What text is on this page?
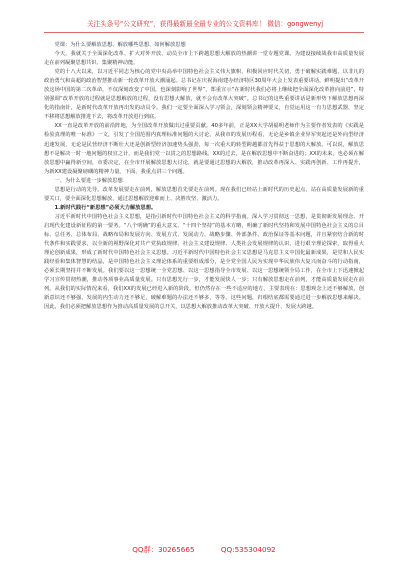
关注头条号“公文研究”，获得最新最全最专业的公文资料库！ 微信：gongwenyj

党课：为什么要解放思想、解放哪些思想、如何解放思想

今天，我就关于全面深化改革、扩大对外开放、动员全市上下跨越思想大解放的热潮讲一堂专题党课。为建设接续战我市高质量发展走在前列凝聚思想共识、集聚精神动能。

党的十八大以来，以习近平同志为核心的党中央高举中国特色社会主义伟大旗帜，积极回应时代关切，勇于破解实践难题，以非凡的政治勇气和高超的政治智慧推动新一轮改革开放大潮涌起。总书记在庆祝海南建办经济特区30周年大会上发表重要讲话，鲜明提出“改革开放这场中国的第二次革命，不仅深刻改变了中国，也深刻影响了世界”，郑重宣示“在新时代我们必将上继续把全面深化改革推向前进”，特别强调“改革开放的过程就是思想解放的过程，没有思想大解放，就不会有改革大突破”。总书记的这些重要讲话是新形势下解放思想再深化的指南针，是新时代改革开放再出发的动员令。我们一定要全面深入学习领会，深刻领会精神要义，自觉运用这一有力思想武器，坚定不移将思想解放推进下去，将改革开放进行到底。

XX一直是改革开放的前沿阵地，为全国改革开放做出过重要贡献。40多年前，正是XX大学胡福明老师作为主要作者发表的《实践是检验真理的唯一标准》一文，引发了全国范围内真理标准问题的大讨论，从我市的发展历程看，无论是乡镇企业异军突起还是外向型经济迅速发展，无论是民营经济不断壮大还是创新型经济加速势头强劲，每一次重大的转型跨越都首先得益于思想的大解放。可以说，解放思想不是解决一时一地问题的权宜之计，而是我们党一以贯之的思想路线。XX的过去，是在解放思想中不断奋进的；XX的未来，也必须在解放思想中赢得新空间，市委决定，在全市开展解放思想大讨论，就是要通过思想的大解放，推动改革再深入、实践再创新、工作再提升，为新XX建设凝聚磅礴的精神力量。下面，我重点讲三个问题。

一、为什么要进一步解放思想

思想是行动的先导。改革发展要走在前列，解放思想首先要走在前列。现在我们已经站上新时代的历史起点，站在高质量发展新的重要关口，要全面深化思想解放，通过思想解放迎难而上、决胜攻坚、激活力。

1.新时代践行“新思想”必须大力解放思想。

习近平新时代中国特色社会主义思想，是指引新时代中国特色社会主义的科学指南。深入学习贯彻这一思想，是贯彻新发展理念、开启现代化建设新征程的第一要务。“八个明确”的重大意义、“十四个坚持”的基本方略，明确了新时代坚持和发展中国特色社会主义的总目标、总任务、总体布局、战略布局和发展方向、发展方式、发展动力、战略步骤、外部条件、政治保证等基本问题，并且紧密结合新的时代条件和实践要求，以全新的视野深化对共产党执政规律、社会主义建设规律、人类社会发展规律的认识，进行艰辛理论探索，取得重大理论创新成果，形成了新时代中国特色社会主义思想。习近平新时代中国特色社会主义思想是马克思主义中国化最新成果，是党和人民实践经验和集体智慧的结晶，是中国特色社会主义理论体系的重要组成部分，是全党全国人民为实现中华民族伟大复兴而奋斗的行动指南，必须长期坚持并不断发展。我们要以这一思想统一全党思想、以这一思想指导全市发展、以这一思想统领全局工作，在全市上下迅速掀起学习宣传贯彻热潮，推动各项事业高质量发展。只有思想先行一步，才能发展快人一步；只有解放思想走在前列，才能高质量发展走在前列。从我们的实际情况来看，我们XX的发展已经进入新的阶段，但仍然存在一些不适应的地方，主要表现在：思想观念上还不够解放，创新意识还不够强，发展的内生动力还不够足，破解难题的办法还不够多，等等。这些问题，归根结底都需要通过进一步解放思想来解决。因此，我们必须把解放思想作为推动高质量发展的总开关，以思想大解放推动改革大突破、开放大提升、发展大跨越。

QQ群：30265665	QQ:535304092
